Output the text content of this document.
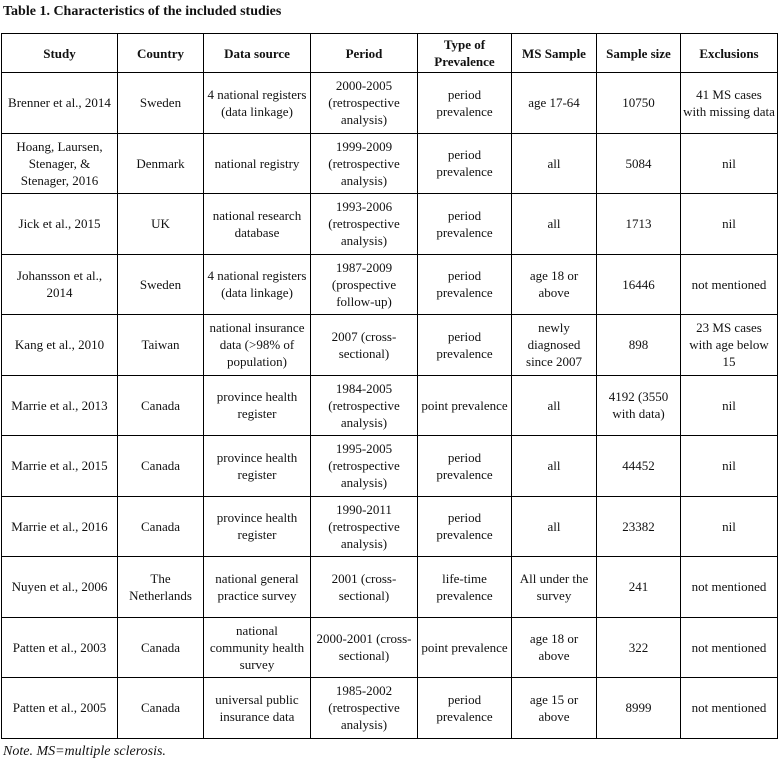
Table 1. Characteristics of the included studies
Study	Country	Data source	Period	Type of Prevalence	MS Sample	Sample size	Exclusions
Brenner et al., 2014	Sweden	4 national registers (data linkage)	2000-2005 (retrospective analysis)	period prevalence	age 17-64	10750	41 MS cases with missing data
Hoang, Laursen, Stenager, & Stenager, 2016	Denmark	national registry	1999-2009 (retrospective analysis)	period prevalence	all	5084	nil
Jick et al., 2015	UK	national research database	1993-2006 (retrospective analysis)	period prevalence	all	1713	nil
Johansson et al., 2014	Sweden	4 national registers (data linkage)	1987-2009 (prospective follow-up)	period prevalence	age 18 or above	16446	not mentioned
Kang et al., 2010	Taiwan	national insurance data (>98% of population)	2007 (cross-sectional)	period prevalence	newly diagnosed since 2007	898	23 MS cases with age below 15
Marrie et al., 2013	Canada	province health register	1984-2005 (retrospective analysis)	point prevalence	all	4192 (3550 with data)	nil
Marrie et al., 2015	Canada	province health register	1995-2005 (retrospective analysis)	period prevalence	all	44452	nil
Marrie et al., 2016	Canada	province health register	1990-2011 (retrospective analysis)	period prevalence	all	23382	nil
Nuyen et al., 2006	The Netherlands	national general practice survey	2001 (cross-sectional)	life-time prevalence	All under the survey	241	not mentioned
Patten et al., 2003	Canada	national community health survey	2000-2001 (cross-sectional)	point prevalence	age 18 or above	322	not mentioned
Patten et al., 2005	Canada	universal public insurance data	1985-2002 (retrospective analysis)	period prevalence	age 15 or above	8999	not mentioned
Note. MS=multiple sclerosis.
